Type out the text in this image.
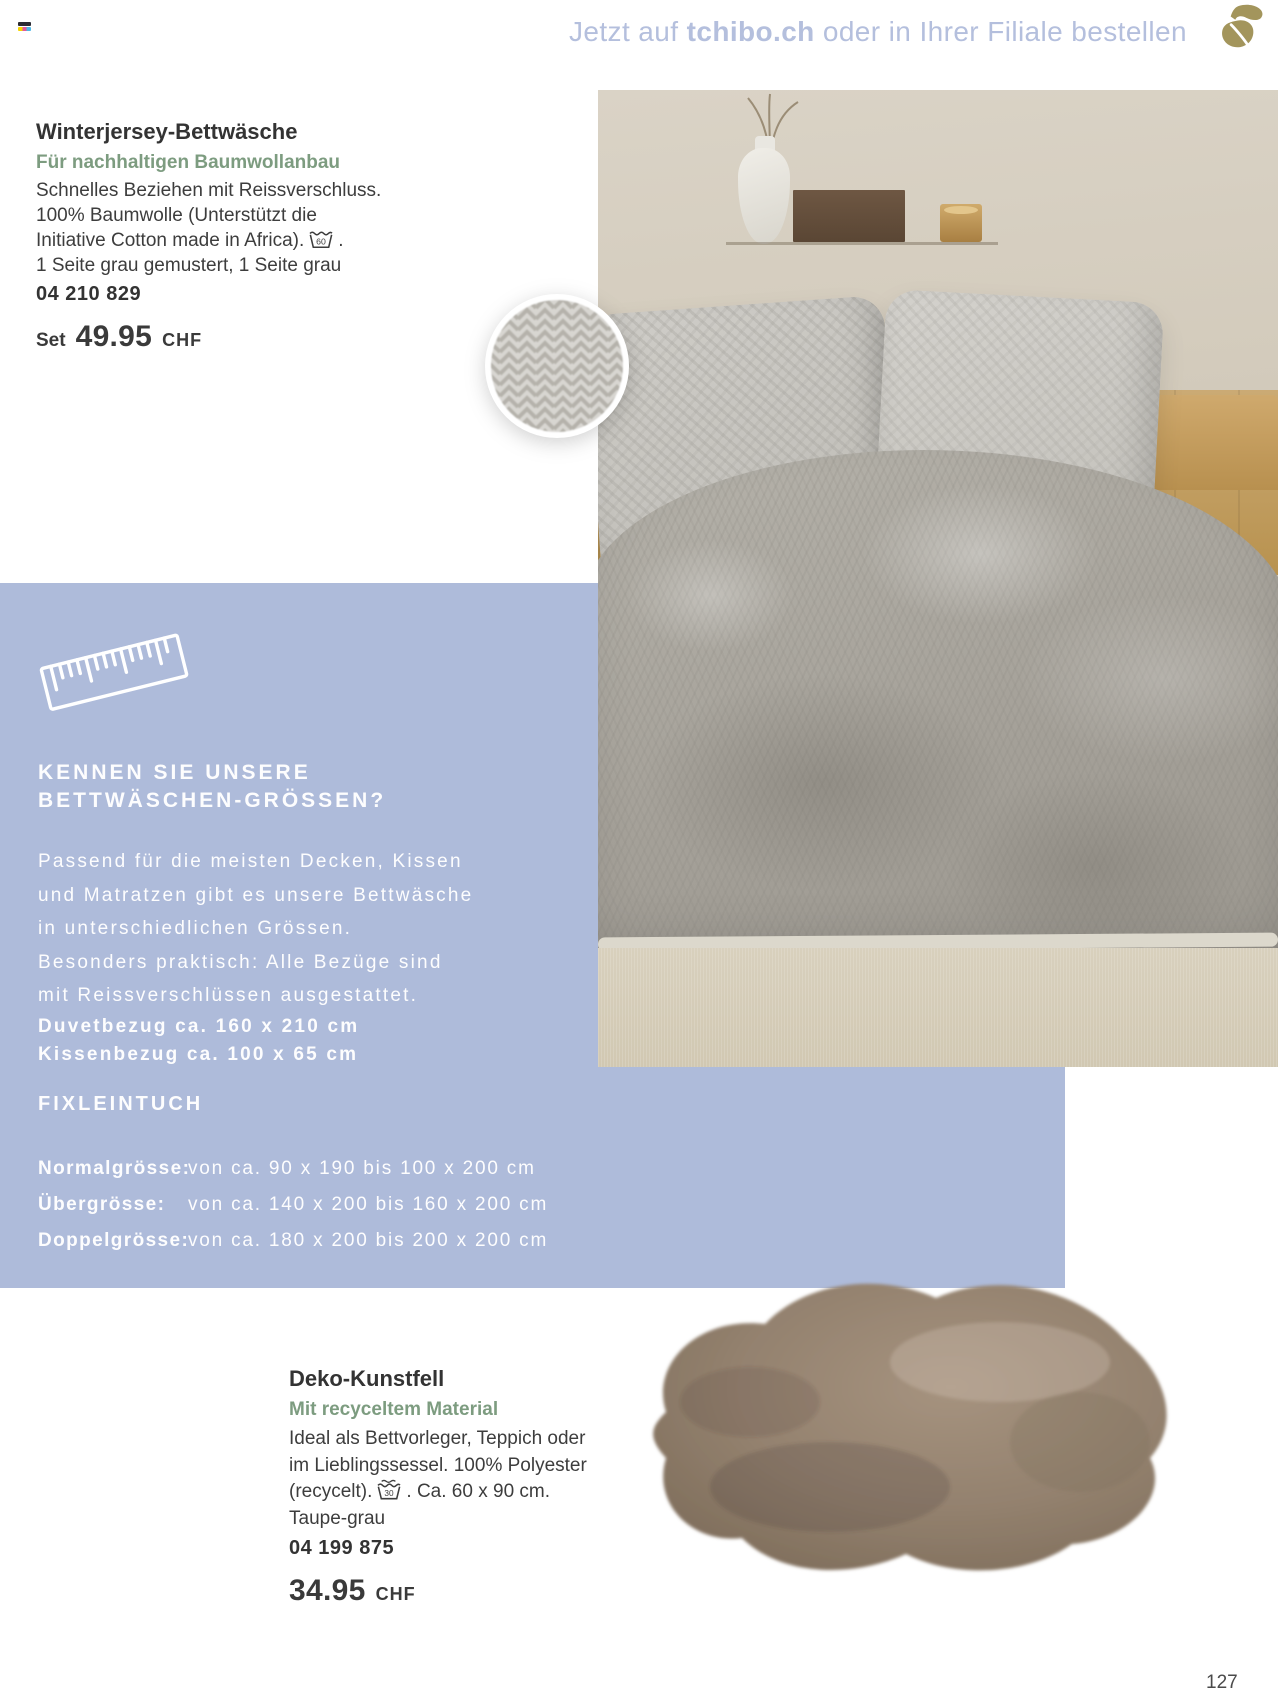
Jetzt auf tchibo.ch oder in Ihrer Filiale bestellen
Winterjersey-Bettwäsche
Für nachhaltigen Baumwollanbau
Schnelles Beziehen mit Reissverschluss.
100% Baumwolle (Unterstützt die
Initiative Cotton made in Africa). 60 .
1 Seite grau gemustert, 1 Seite grau
04 210 829
Set 49.95 CHF
KENNEN SIE UNSERE
BETTWÄSCHEN-GRÖSSEN?
Passend für die meisten Decken, Kissen
und Matratzen gibt es unsere Bettwäsche
in unterschiedlichen Grössen.
Besonders praktisch: Alle Bezüge sind
mit Reissverschlüssen ausgestattet.
Duvetbezug ca. 160 x 210 cm
Kissenbezug ca. 100 x 65 cm
FIXLEINTUCH
Normalgrösse:
von ca. 90 x 190 bis 100 x 200 cm
Übergrösse:	von ca. 140 x 200 bis 160 x 200 cm
Doppelgrösse:
von ca. 180 x 200 bis 200 x 200 cm
Deko-Kunstfell
Mit recyceltem Material
Ideal als Bettvorleger, Teppich oder
im Lieblingssessel. 100% Polyester
(recycelt). 30 . Ca. 60 x 90 cm.
Taupe-grau
04 199 875
34.95 CHF
127
